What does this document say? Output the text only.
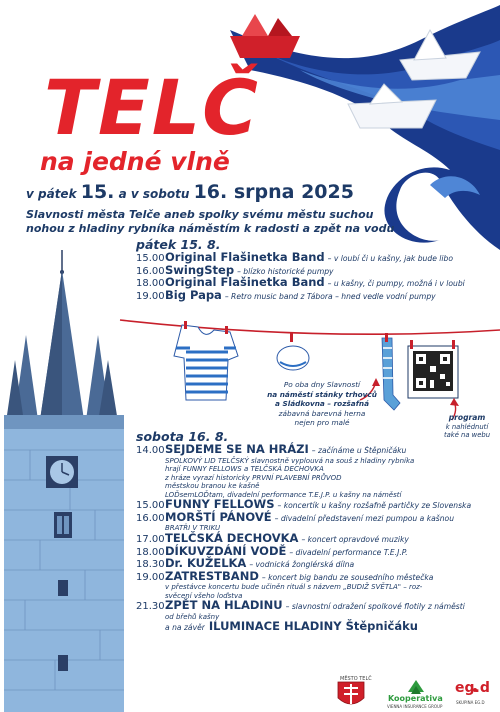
TELČ
na jedné vlně
v pátek 15. a v sobotu 16. srpna 2025
Slavnosti města Telče aneb spolky svému městu suchou
nohou z hladiny rybníka náměstím k radosti a zpět na vodu
pátek 15. 8.
15.00 Original Flašinetka Band – v loubí či u kašny, jak bude libo
16.00 SwingStep – blízko historické pumpy
18.00 Original Flašinetka Band – u kašny, či pumpy, možná i v loubí
19.00 Big Papa – Retro music band z Tábora – hned vedle vodní pumpy
Po oba dny Slavností
na náměstí stánky trhovců
a Sládkovna – rozšafná
zábavná barevná herna
nejen pro malé
program
k nahlédnutí
také na webu
sobota 16. 8.
14.00 SEJDEME SE NA HRÁZI – začínáme u Štěpničáku
SPOLKOVÝ LID TELČSKÝ slavnostně vyplouvá na souš z hladiny rybníka
hrají FUNNY FELLOWS a TELČSKÁ DECHOVKA
z hráze vyrazí historicky PRVNÍ PLAVEBNÍ PRŮVOD
městskou branou ke kašně
LOĎsemLOĎtam, divadelní performance T.E.J.P. u kašny na náměstí
15.00 FUNNY FELLOWS – koncertík u kašny rozšafně partičky ze Slovenska
16.00 MORŠTÍ PÁNOVÉ – divadelní představení mezi pumpou a kašnou
BRATŘI V TRIKU
17.00 TELČSKÁ DECHOVKA – koncert opravdové muziky
18.00 DÍKUVZDÁNÍ VODĚ – divadelní performance T.E.J.P.
18.30 Dr. KUŽELKA – vodnická žonglérská dílna
19.00 ZATRESTBAND – koncert big bandu ze sousedního městečka
v přestávce koncertu bude učiněn rituál s názvem „BUDIŽ SVĚTLA" – roz-
svěcení všeho loďstva
21.30 ZPĚT NA HLADINU – slavnostní odražení spolkové flotily z náměstí
od břehů kašny
a na závěr ILUMINACE HLADINY Štěpničáku
MĚSTO TELČ
Kooperativa
VIENNA INSURANCE GROUP
eg.d
SKUPINA EG.D
